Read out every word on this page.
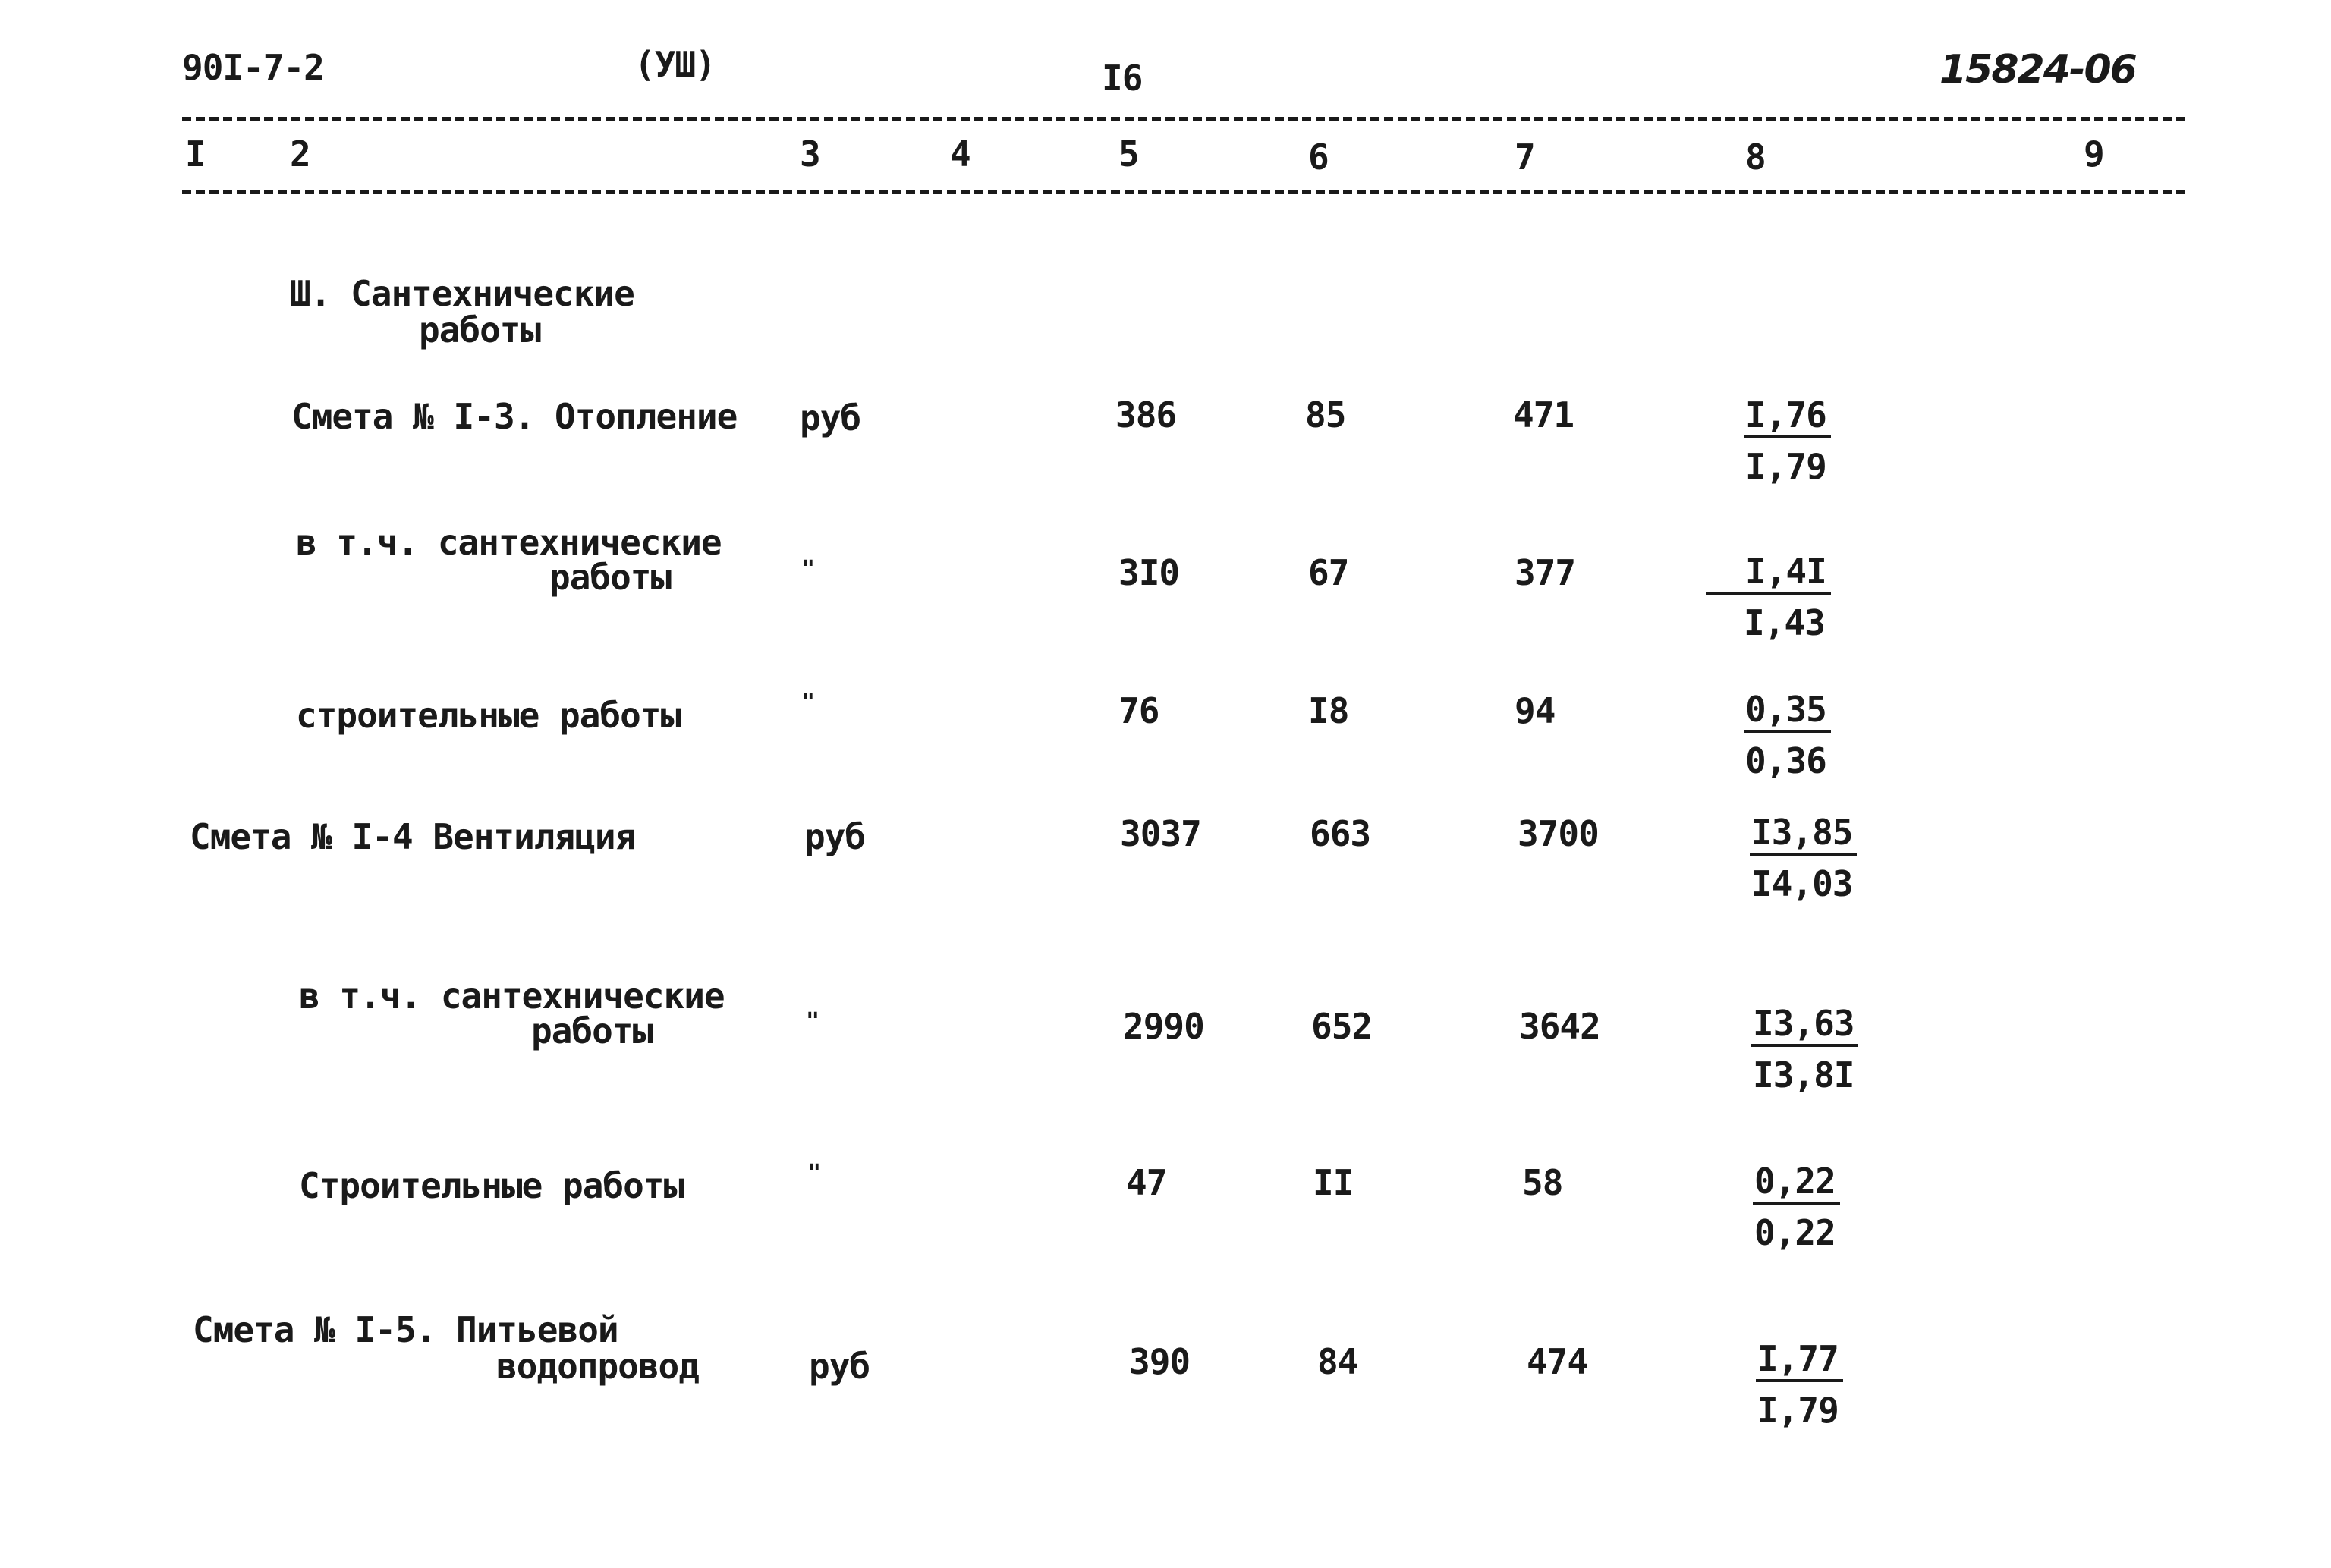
90I-7-2	(УШ)	I6	15824-06
I 2	3	4	5	6	7	8	9
Ш. Сантехнические
работы
Смета № I-3. Отопление руб	386	85	471	$\frac{I,76}{I,79}$
в т.ч. сантехнические
работы	"	3I0	67	377	$\frac{I,4I}{I,43}$
строительные работы	"	76	I8	94	$\frac{0,35}{0,36}$
Смета № I-4 Вентиляция	руб	3037	663	3700	$\frac{I3,85}{I4,03}$
в т.ч. сантехнические
работы	"	2990	652	3642	$\frac{I3,63}{I3,8I}$
Строительные работы	"	47	II	58	$\frac{0,22}{0,22}$
Смета № I-5. Питьевой
водопровод	руб	390	84	474	$\frac{I,77}{I,79}$
